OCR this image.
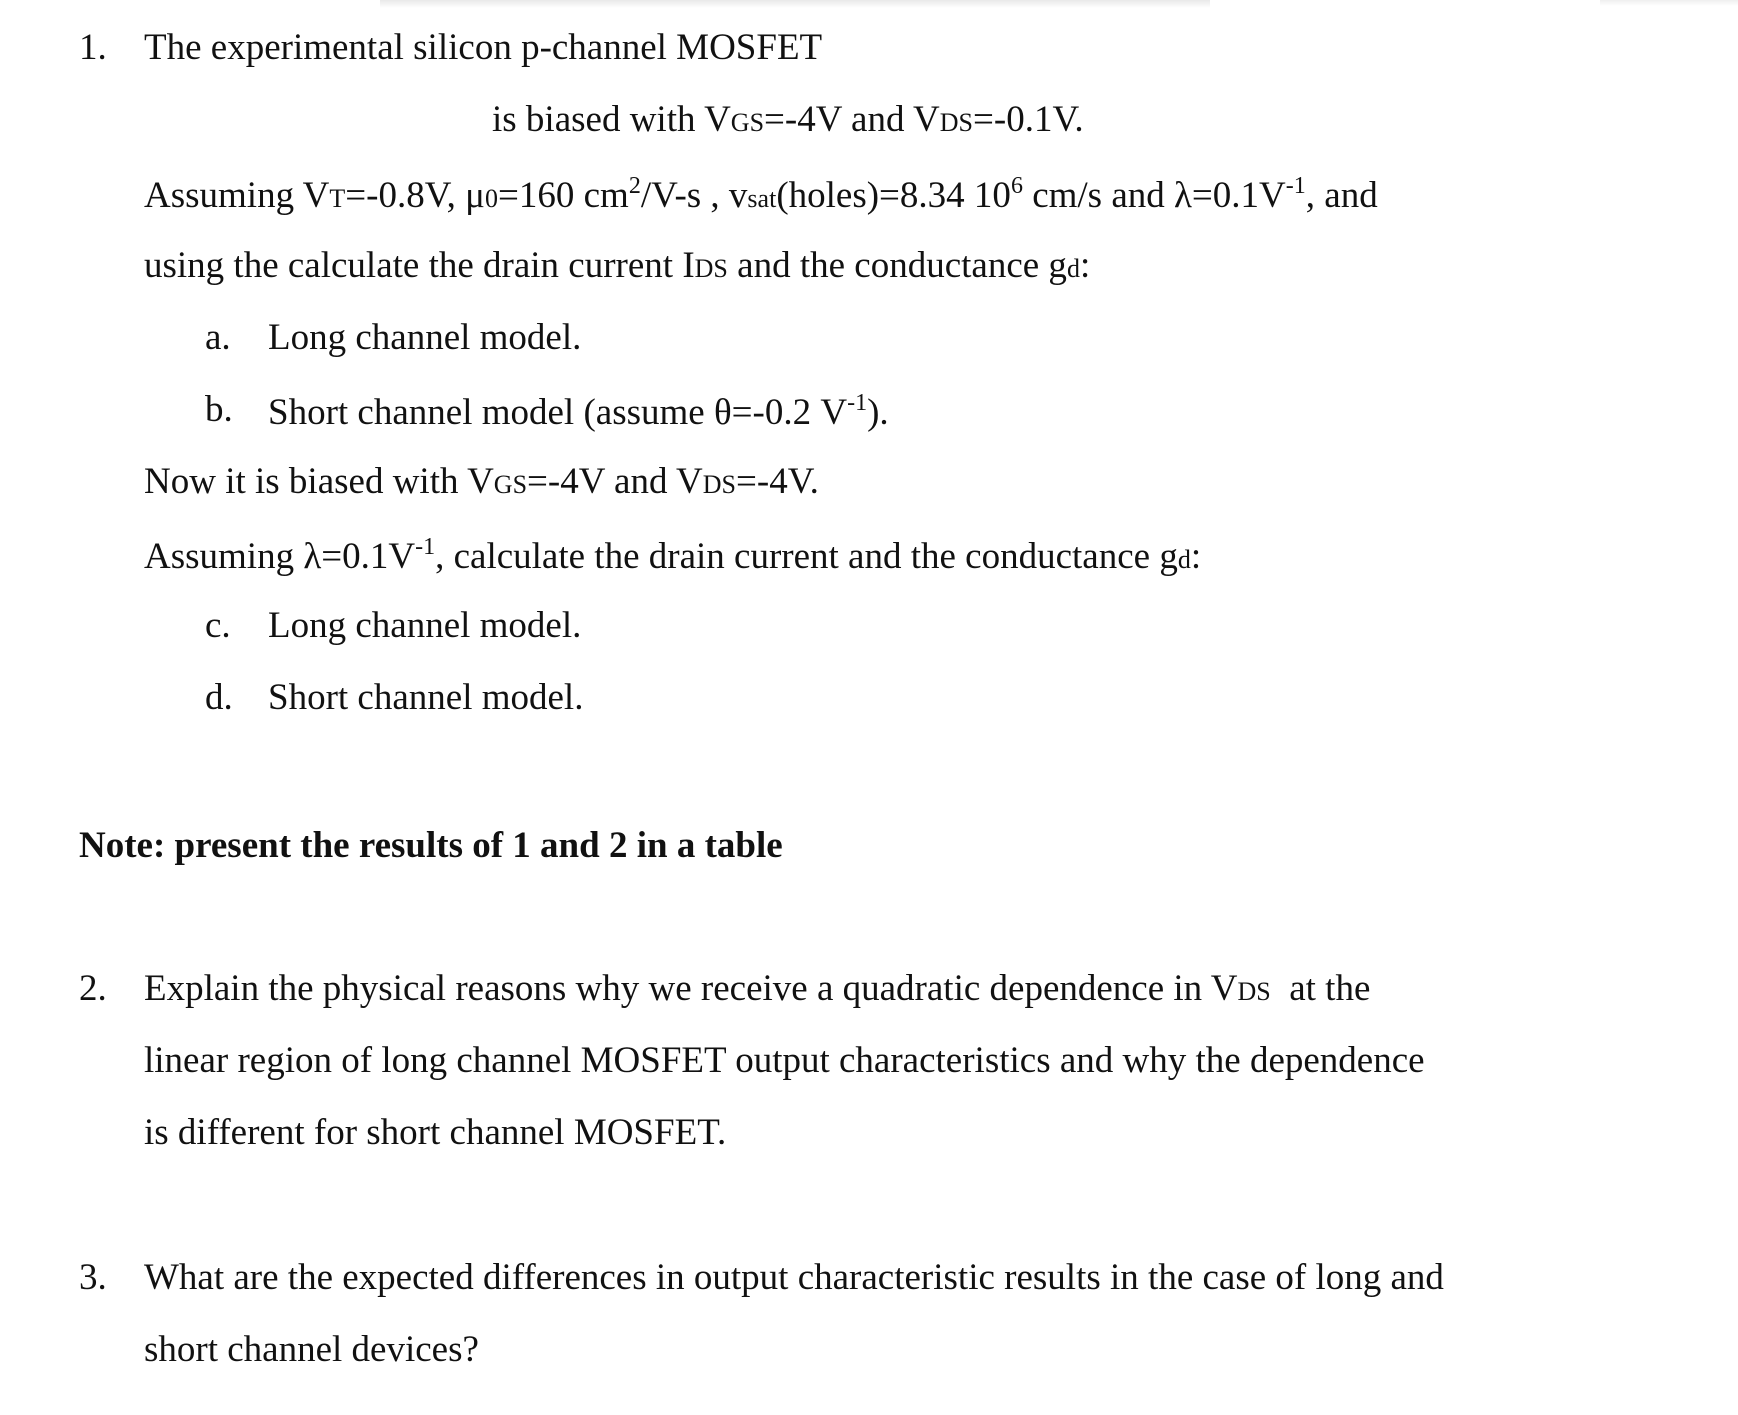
1. The experimental silicon p-channel MOSFET
is biased with VGS=-4V and VDS=-0.1V.
Assuming VT=-0.8V, μ0=160 $cm^2/V-s$ , vsat(holes)=8.34 $10^6$ cm/s and $\lambda=0.1V^{-1}$, and
using the calculate the drain current IDS and the conductance gd:
a. Long channel model.
b. Short channel model (assume θ=-0.2 $V^{-1}$).
Now it is biased with VGS=-4V and VDS=-4V.
Assuming $\lambda=0.1V^{-1}$, calculate the drain current and the conductance gd:
c. Long channel model.
d. Short channel model.
Note: present the results of 1 and 2 in a table
2. Explain the physical reasons why we receive a quadratic dependence in VDS  at the
linear region of long channel MOSFET output characteristics and why the dependence
is different for short channel MOSFET.
3. What are the expected differences in output characteristic results in the case of long and
short channel devices?
